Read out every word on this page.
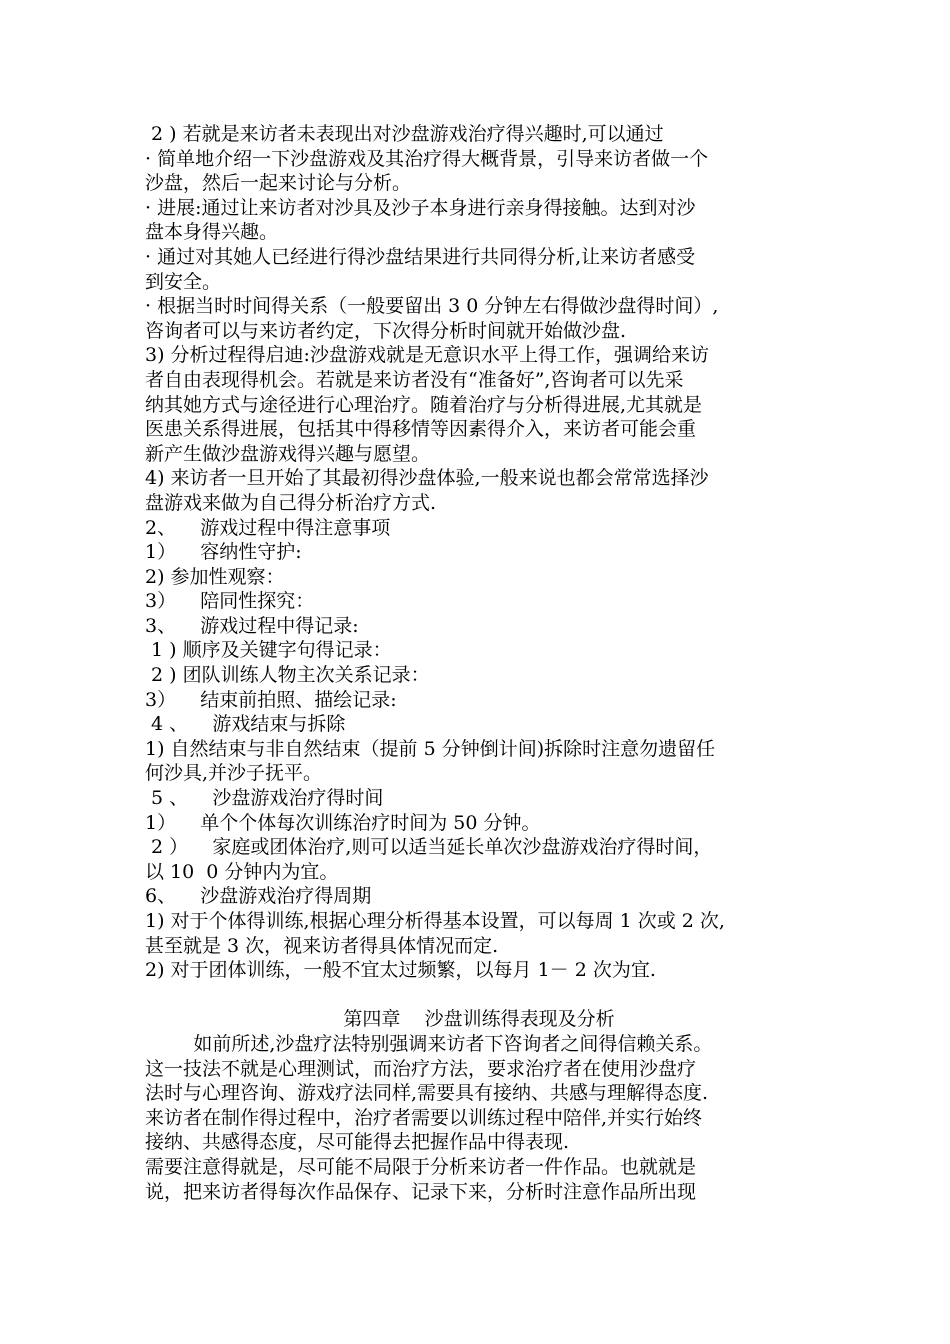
2 ) 若就是来访者未表现出对沙盘游戏治疗得兴趣时,可以通过
· 简单地介绍一下沙盘游戏及其治疗得大概背景，引导来访者做一个
沙盘，然后一起来讨论与分析。
· 进展:通过让来访者对沙具及沙子本身进行亲身得接触。达到对沙
盘本身得兴趣。
· 通过对其她人已经进行得沙盘结果进行共同得分析,让来访者感受
到安全。
· 根据当时时间得关系（一般要留出 3 0 分钟左右得做沙盘得时间）,
咨询者可以与来访者约定，下次得分析时间就开始做沙盘.
3) 分析过程得启迪:沙盘游戏就是无意识水平上得工作，强调给来访
者自由表现得机会。若就是来访者没有“准备好”,咨询者可以先采
纳其她方式与途径进行心理治疗。随着治疗与分析得进展,尤其就是
医患关系得进展，包括其中得移情等因素得介入，来访者可能会重
新产生做沙盘游戏得兴趣与愿望。
4) 来访者一旦开始了其最初得沙盘体验,一般来说也都会常常选择沙
盘游戏来做为自己得分析治疗方式.
2、    游戏过程中得注意事项
1）    容纳性守护:
2) 参加性观察：
3）    陪同性探究：
3、    游戏过程中得记录:
1 ) 顺序及关键字句得记录：
2 ) 团队训练人物主次关系记录：
3）    结束前拍照、描绘记录:
4 、    游戏结束与拆除
1) 自然结束与非自然结束（提前 5 分钟倒计间)拆除时注意勿遗留任
何沙具,并沙子抚平。
5 、    沙盘游戏治疗得时间
1）    单个个体每次训练治疗时间为 50 分钟。
2 ）    家庭或团体治疗,则可以适当延长单次沙盘游戏治疗得时间，
以 10  0 分钟内为宜。
6、    沙盘游戏治疗得周期
1) 对于个体得训练,根据心理分析得基本设置，可以每周 1 次或 2 次,
甚至就是 3 次，视来访者得具体情况而定.
2) 对于团体训练，一般不宜太过频繁，以每月 1－ 2 次为宜.
第四章    沙盘训练得表现及分析
如前所述,沙盘疗法特别强调来访者下咨询者之间得信赖关系。
这一技法不就是心理测试，而治疗方法，要求治疗者在使用沙盘疗
法时与心理咨询、游戏疗法同样,需要具有接纳、共感与理解得态度.
来访者在制作得过程中，治疗者需要以训练过程中陪伴,并实行始终
接纳、共感得态度，尽可能得去把握作品中得表现.
需要注意得就是，尽可能不局限于分析来访者一件作品。也就就是
说，把来访者得每次作品保存、记录下来，分析时注意作品所出现
